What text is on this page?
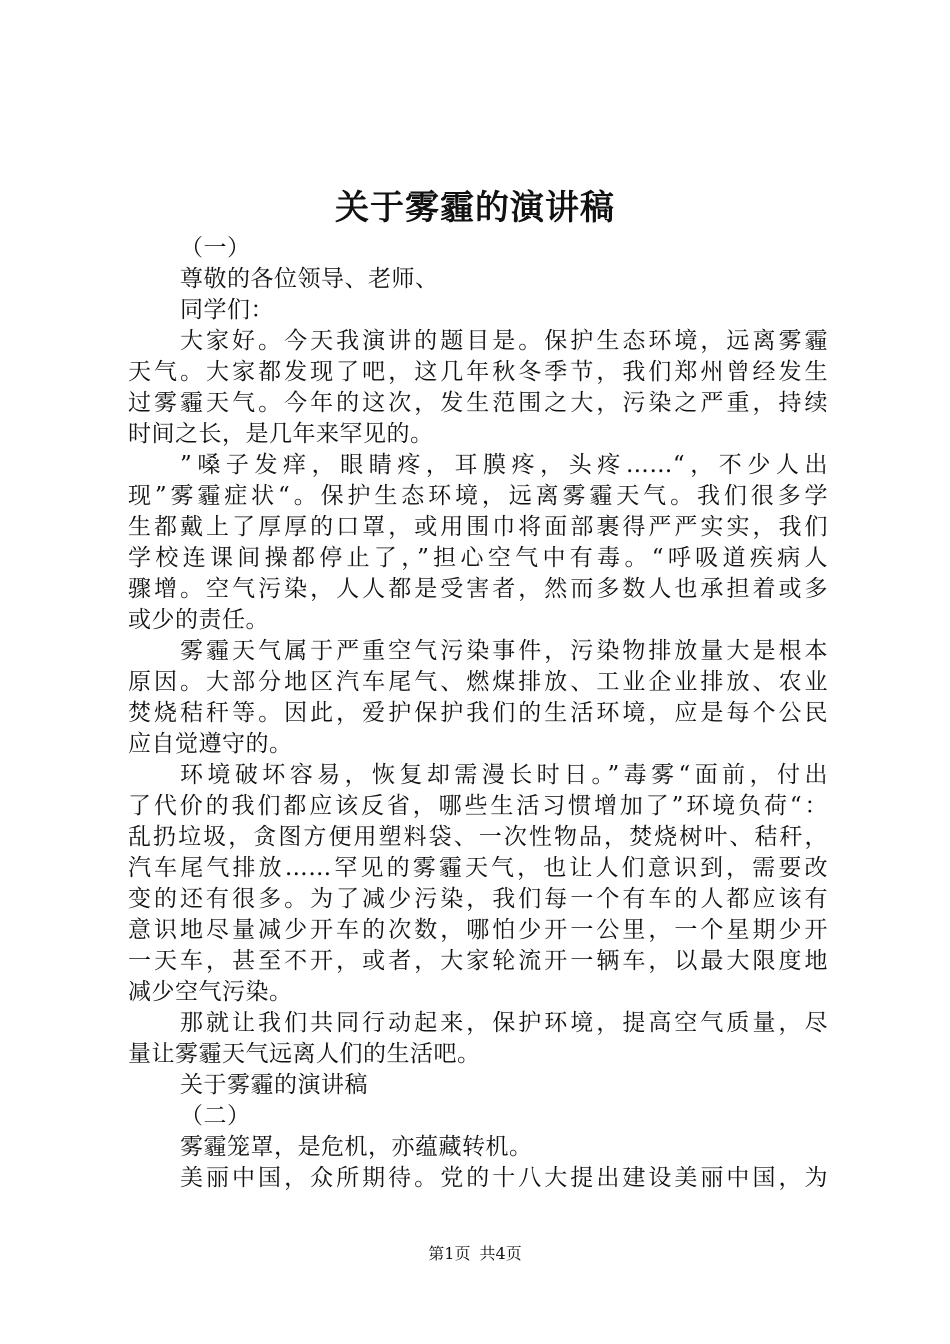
关于雾霾的演讲稿
（一）
尊敬的各位领导、老师、
同学们：
大家好。今天我演讲的题目是。保护生态环境，远离雾霾
天气。大家都发现了吧，这几年秋冬季节，我们郑州曾经发生
过雾霾天气。今年的这次，发生范围之大，污染之严重，持续
时间之长，是几年来罕见的。
”嗓子发痒，眼睛疼，耳膜疼，头疼……“，不少人出
现”雾霾症状“。保护生态环境，远离雾霾天气。我们很多学
生都戴上了厚厚的口罩，或用围巾将面部裹得严严实实，我们
学校连课间操都停止了，”担心空气中有毒。“呼吸道疾病人
骤增。空气污染，人人都是受害者，然而多数人也承担着或多
或少的责任。
雾霾天气属于严重空气污染事件，污染物排放量大是根本
原因。大部分地区汽车尾气、燃煤排放、工业企业排放、农业
焚烧秸秆等。因此，爱护保护我们的生活环境，应是每个公民
应自觉遵守的。
环境破坏容易，恢复却需漫长时日。”毒雾“面前，付出
了代价的我们都应该反省，哪些生活习惯增加了”环境负荷“：
乱扔垃圾，贪图方便用塑料袋、一次性物品，焚烧树叶、秸秆，
汽车尾气排放……罕见的雾霾天气，也让人们意识到，需要改
变的还有很多。为了减少污染，我们每一个有车的人都应该有
意识地尽量减少开车的次数，哪怕少开一公里，一个星期少开
一天车，甚至不开，或者，大家轮流开一辆车，以最大限度地
减少空气污染。
那就让我们共同行动起来，保护环境，提高空气质量，尽
量让雾霾天气远离人们的生活吧。
关于雾霾的演讲稿
（二）
雾霾笼罩，是危机，亦蕴藏转机。
美丽中国，众所期待。党的十八大提出建设美丽中国，为
第1页 共4页
